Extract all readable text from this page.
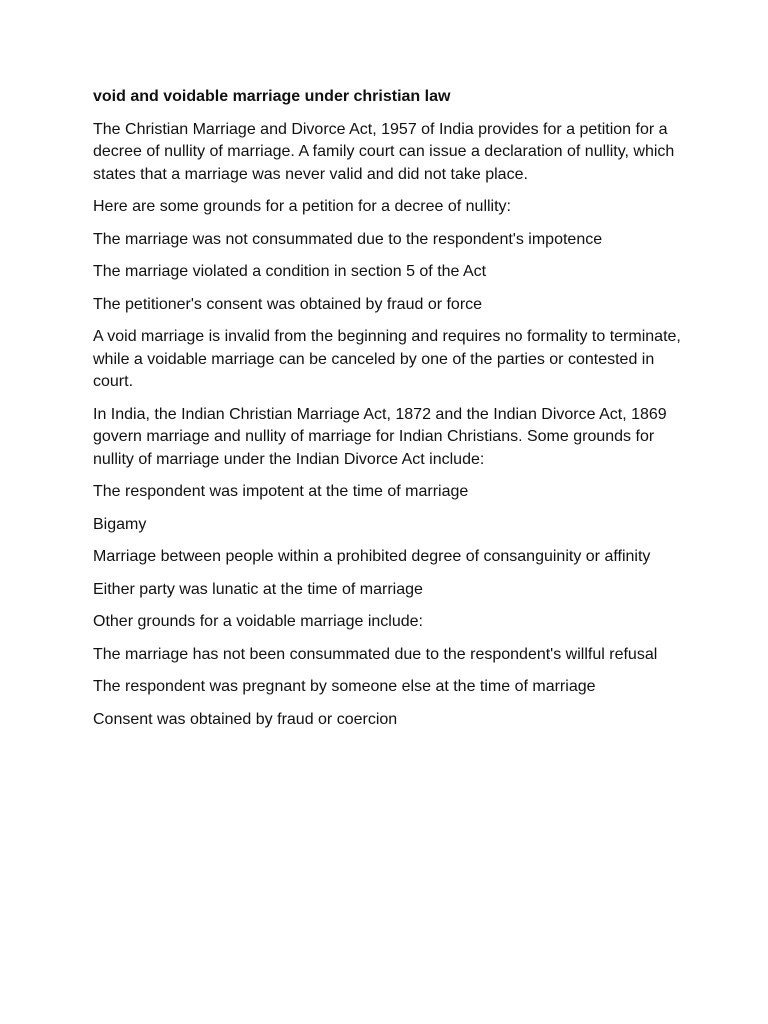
void and voidable marriage under christian law

The Christian Marriage and Divorce Act, 1957 of India provides for a petition for a decree of nullity of marriage. A family court can issue a declaration of nullity, which states that a marriage was never valid and did not take place.

Here are some grounds for a petition for a decree of nullity:

The marriage was not consummated due to the respondent's impotence

The marriage violated a condition in section 5 of the Act

The petitioner's consent was obtained by fraud or force

A void marriage is invalid from the beginning and requires no formality to terminate, while a voidable marriage can be canceled by one of the parties or contested in court.

In India, the Indian Christian Marriage Act, 1872 and the Indian Divorce Act, 1869 govern marriage and nullity of marriage for Indian Christians. Some grounds for nullity of marriage under the Indian Divorce Act include:

The respondent was impotent at the time of marriage

Bigamy

Marriage between people within a prohibited degree of consanguinity or affinity

Either party was lunatic at the time of marriage

Other grounds for a voidable marriage include:

The marriage has not been consummated due to the respondent's willful refusal

The respondent was pregnant by someone else at the time of marriage

Consent was obtained by fraud or coercion
